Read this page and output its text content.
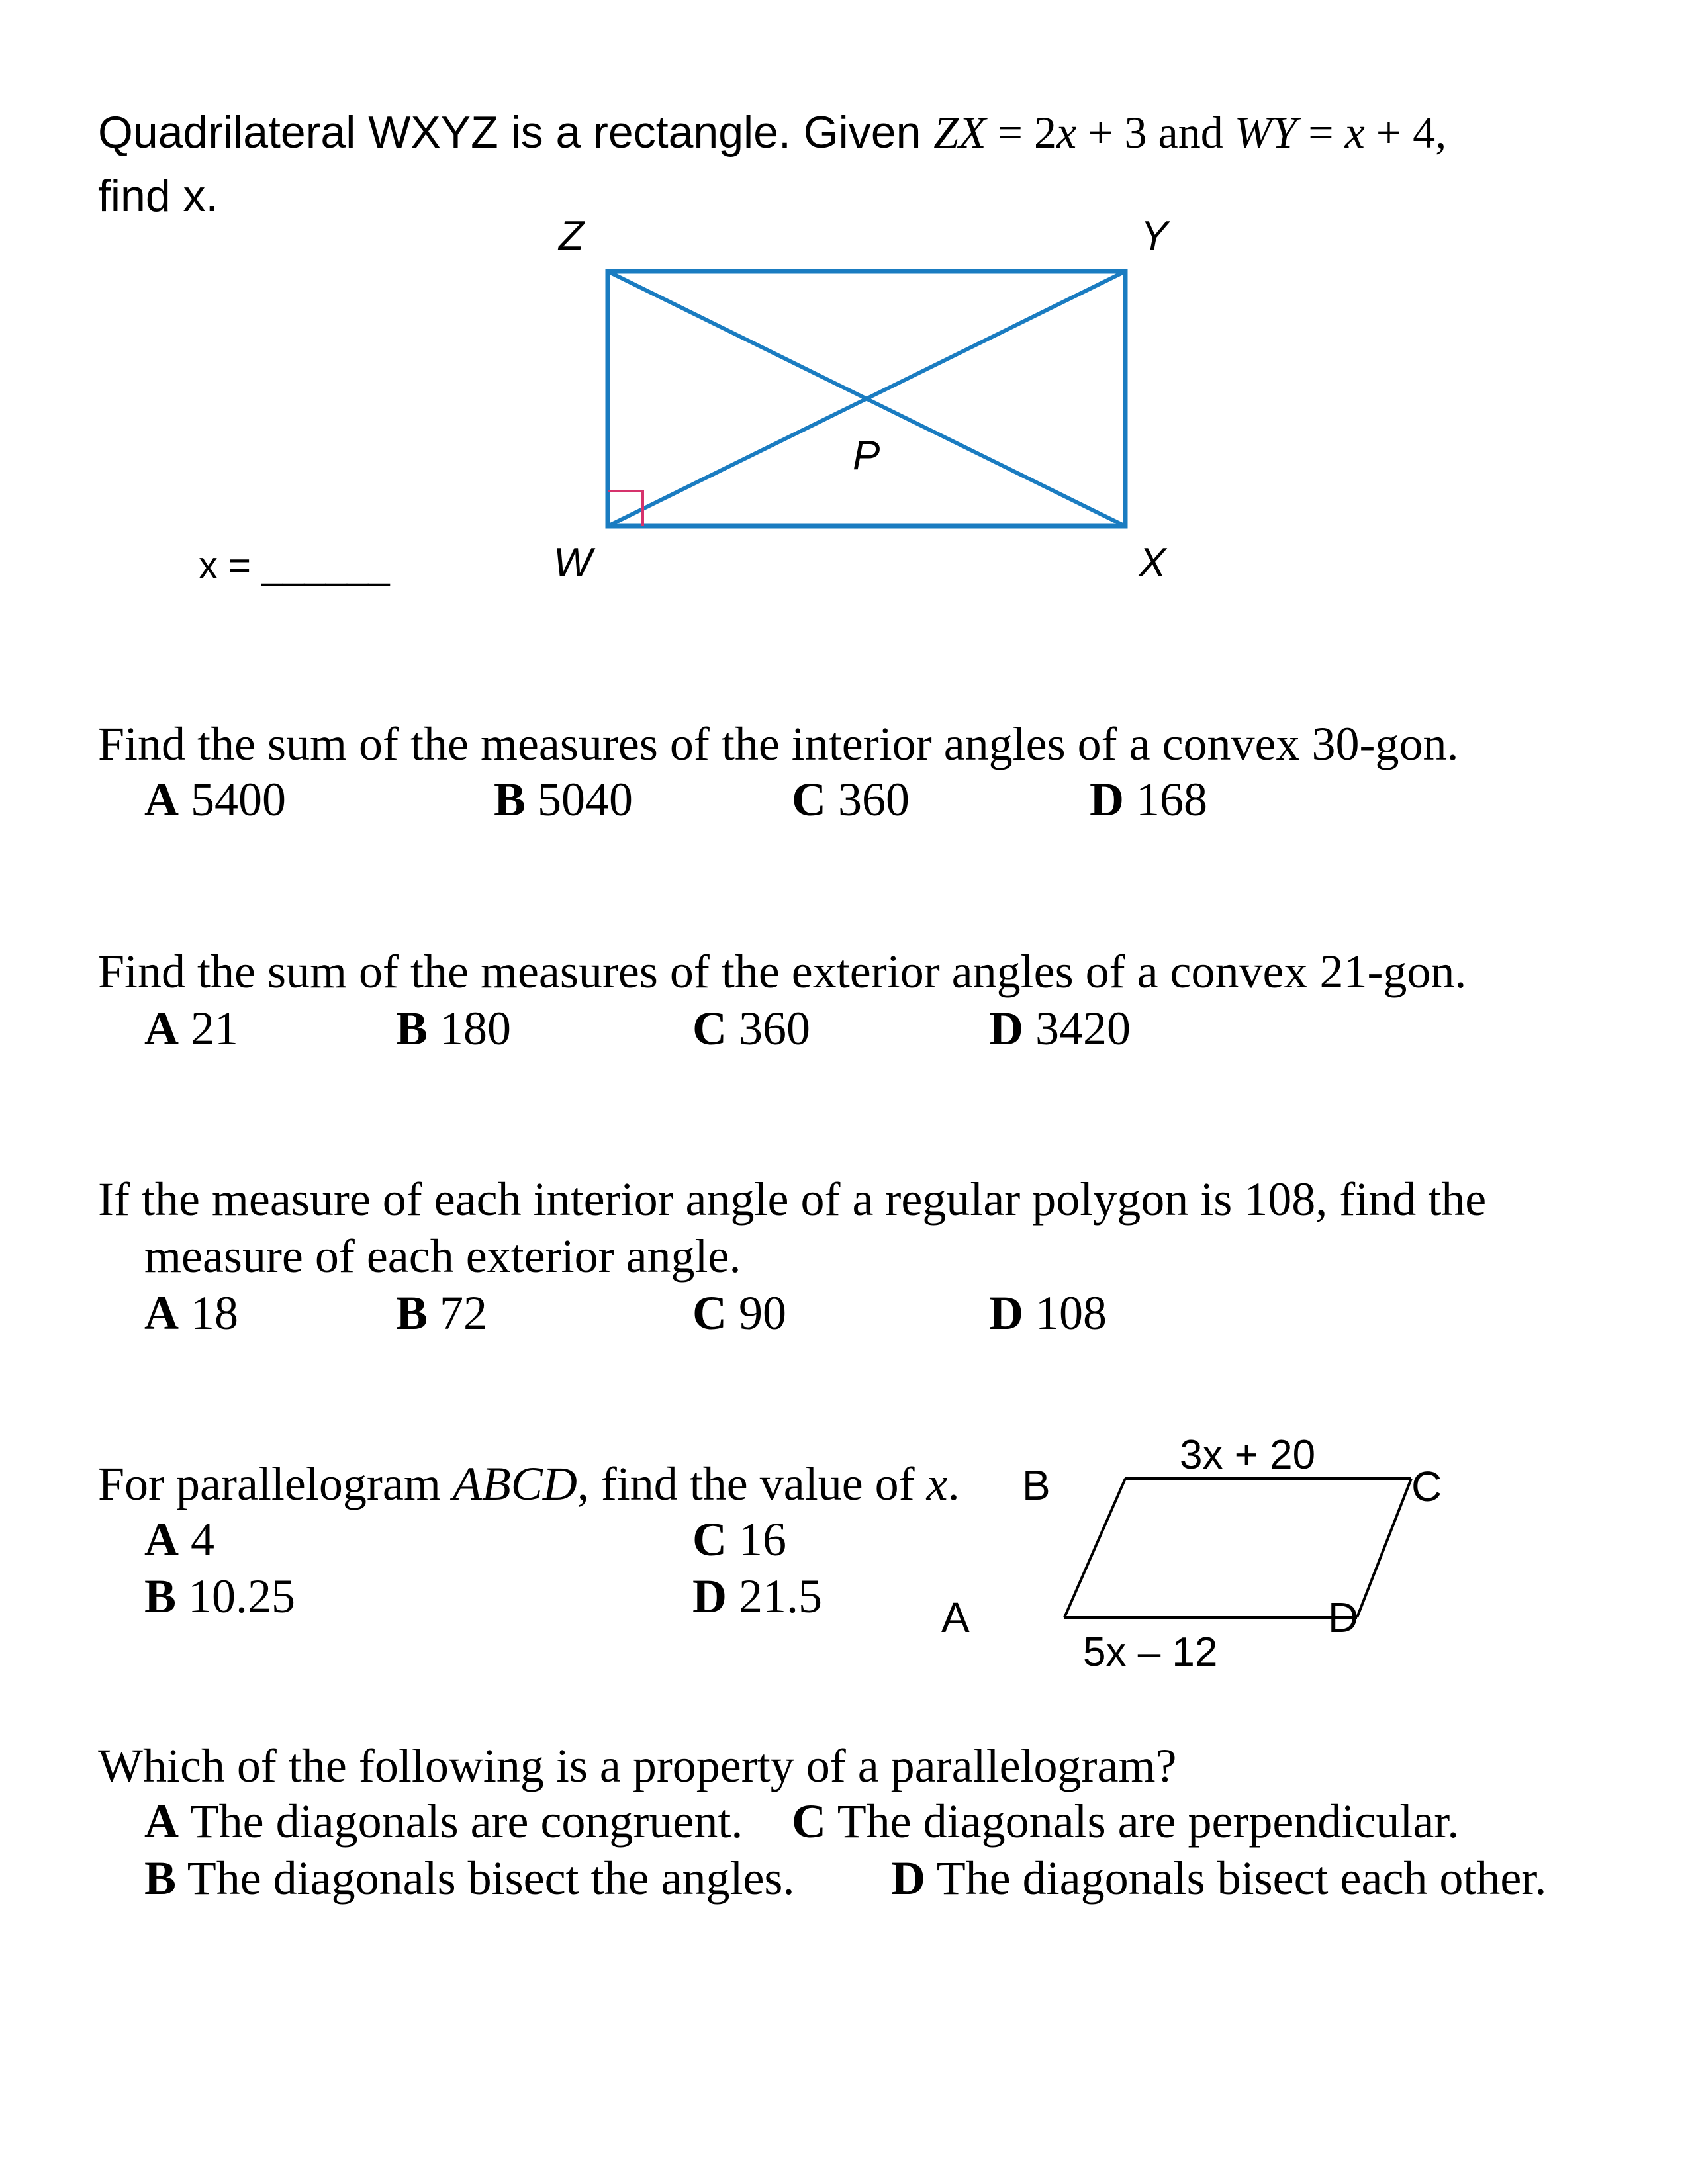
Quadrilateral WXYZ is a rectangle. Given ZX = 2x + 3 and WY = x + 4,
find x.
x = ______
Z	Y
P
W	X
Find the sum of the measures of the interior angles of a convex 30-gon.
A 5400	B 5040	C 360	D 168
Find the sum of the measures of the exterior angles of a convex 21-gon.
A 21	B 180	C 360	D 3420
If the measure of each interior angle of a regular polygon is 108, find the
measure of each exterior angle.
A 18	B 72	C 90	D 108
For parallelogram ABCD, find the value of x.
A 4
B 10.25
C 16
D 21.5
B	C
A	D
3x + 20
5x – 12
Which of the following is a property of a parallelogram?
A The diagonals are congruent. C The diagonals are perpendicular.
B The diagonals bisect the angles. D The diagonals bisect each other.
